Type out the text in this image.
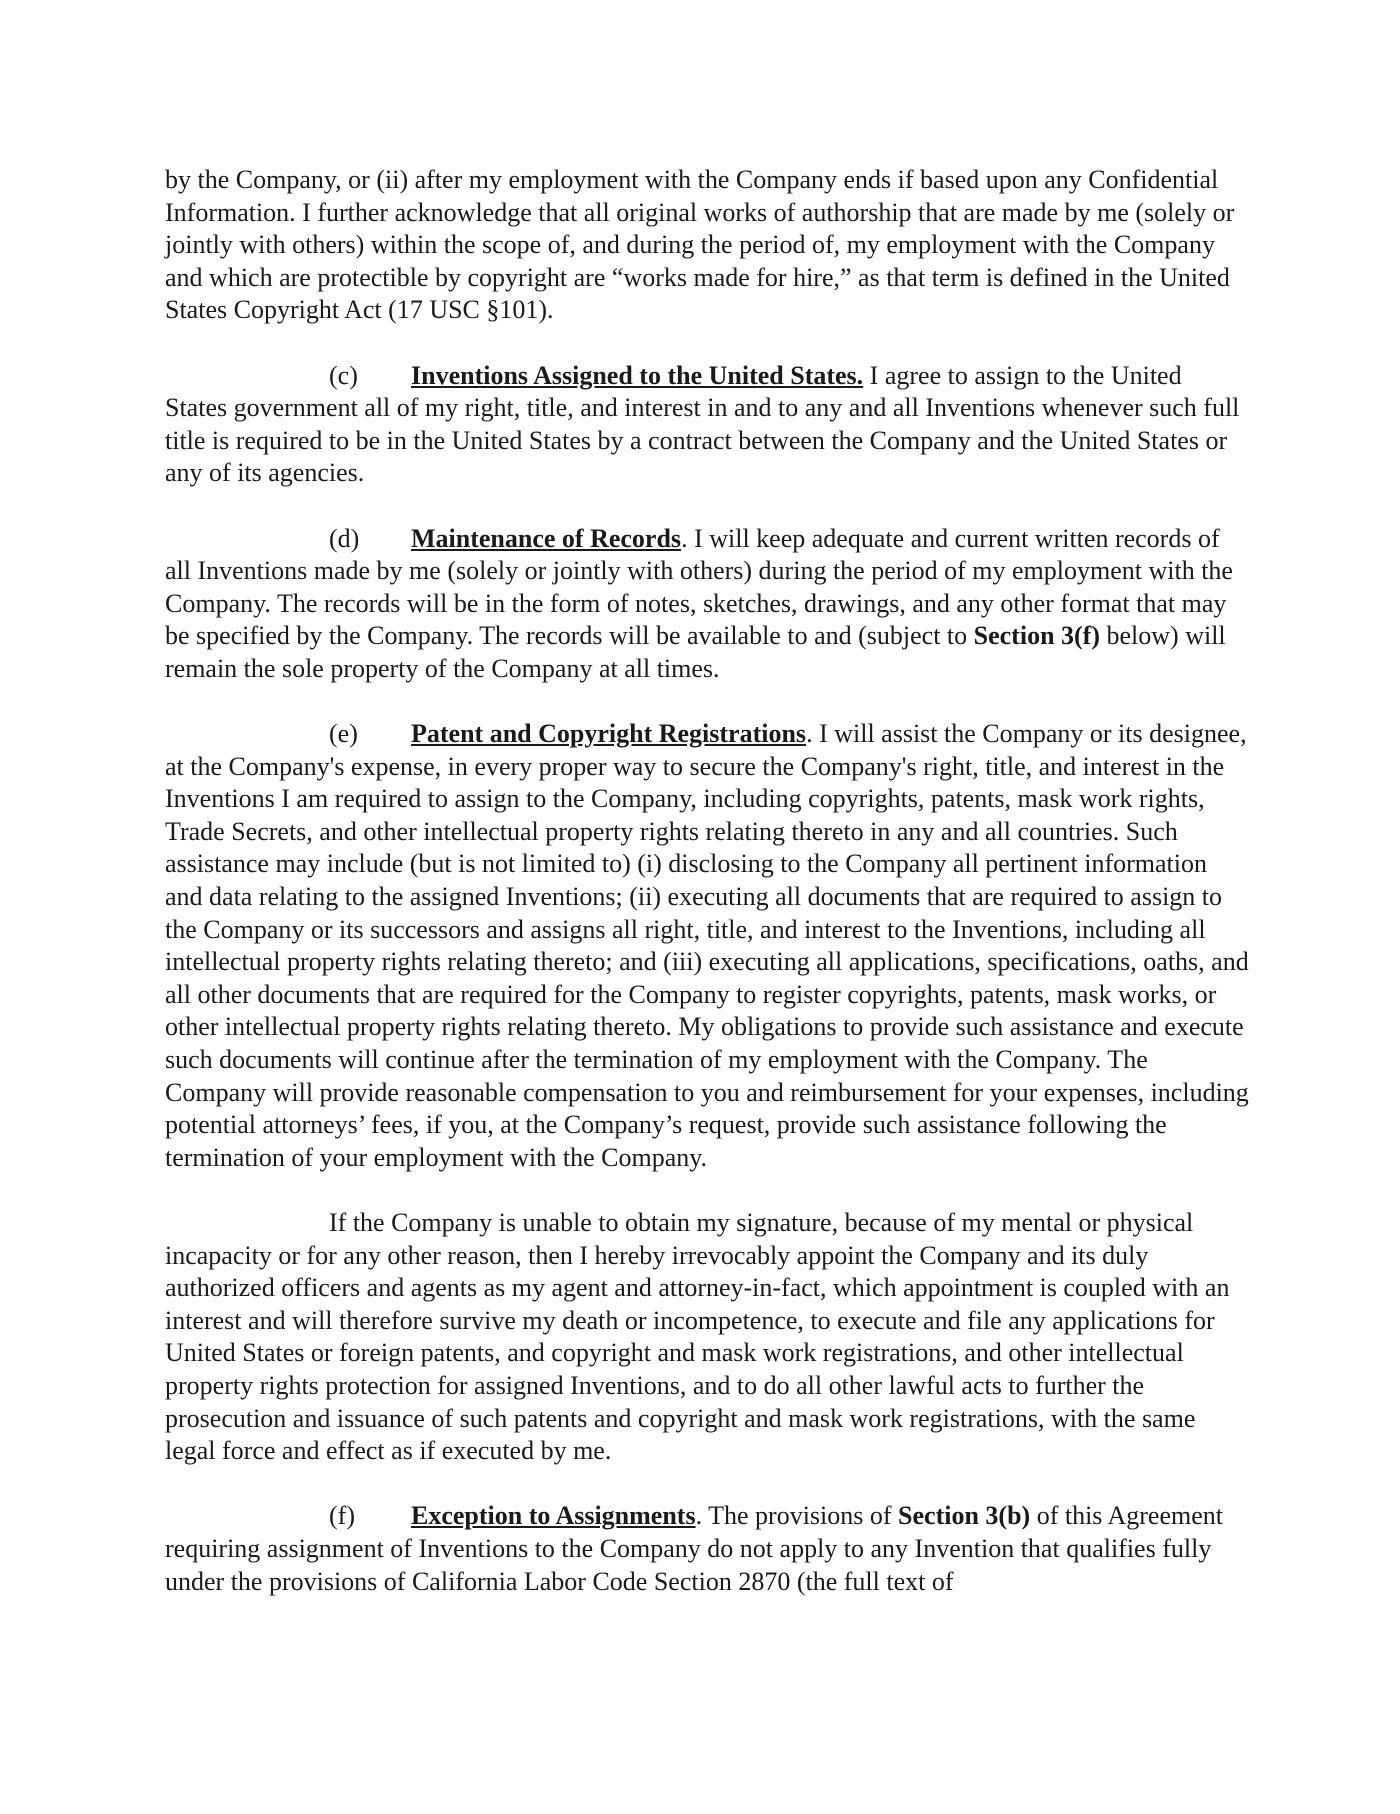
by the Company, or (ii) after my employment with the Company ends if based upon any Confidential Information. I further acknowledge that all original works of authorship that are made by me (solely or jointly with others) within the scope of, and during the period of, my employment with the Company and which are protectible by copyright are “works made for hire,” as that term is defined in the United States Copyright Act (17 USC §101).

(c) Inventions Assigned to the United States. I agree to assign to the United States government all of my right, title, and interest in and to any and all Inventions whenever such full title is required to be in the United States by a contract between the Company and the United States or any of its agencies.

(d) Maintenance of Records. I will keep adequate and current written records of all Inventions made by me (solely or jointly with others) during the period of my employment with the Company. The records will be in the form of notes, sketches, drawings, and any other format that may be specified by the Company. The records will be available to and (subject to Section 3(f) below) will remain the sole property of the Company at all times.

(e) Patent and Copyright Registrations. I will assist the Company or its designee, at the Company's expense, in every proper way to secure the Company's right, title, and interest in the Inventions I am required to assign to the Company, including copyrights, patents, mask work rights, Trade Secrets, and other intellectual property rights relating thereto in any and all countries. Such assistance may include (but is not limited to) (i) disclosing to the Company all pertinent information and data relating to the assigned Inventions; (ii) executing all documents that are required to assign to the Company or its successors and assigns all right, title, and interest to the Inventions, including all intellectual property rights relating thereto; and (iii) executing all applications, specifications, oaths, and all other documents that are required for the Company to register copyrights, patents, mask works, or other intellectual property rights relating thereto. My obligations to provide such assistance and execute such documents will continue after the termination of my employment with the Company. The Company will provide reasonable compensation to you and reimbursement for your expenses, including potential attorneys’ fees, if you, at the Company’s request, provide such assistance following the termination of your employment with the Company.

If the Company is unable to obtain my signature, because of my mental or physical incapacity or for any other reason, then I hereby irrevocably appoint the Company and its duly authorized officers and agents as my agent and attorney-in-fact, which appointment is coupled with an interest and will therefore survive my death or incompetence, to execute and file any applications for United States or foreign patents, and copyright and mask work registrations, and other intellectual property rights protection for assigned Inventions, and to do all other lawful acts to further the prosecution and issuance of such patents and copyright and mask work registrations, with the same legal force and effect as if executed by me.

(f) Exception to Assignments. The provisions of Section 3(b) of this Agreement requiring assignment of Inventions to the Company do not apply to any Invention that qualifies fully under the provisions of California Labor Code Section 2870 (the full text of
